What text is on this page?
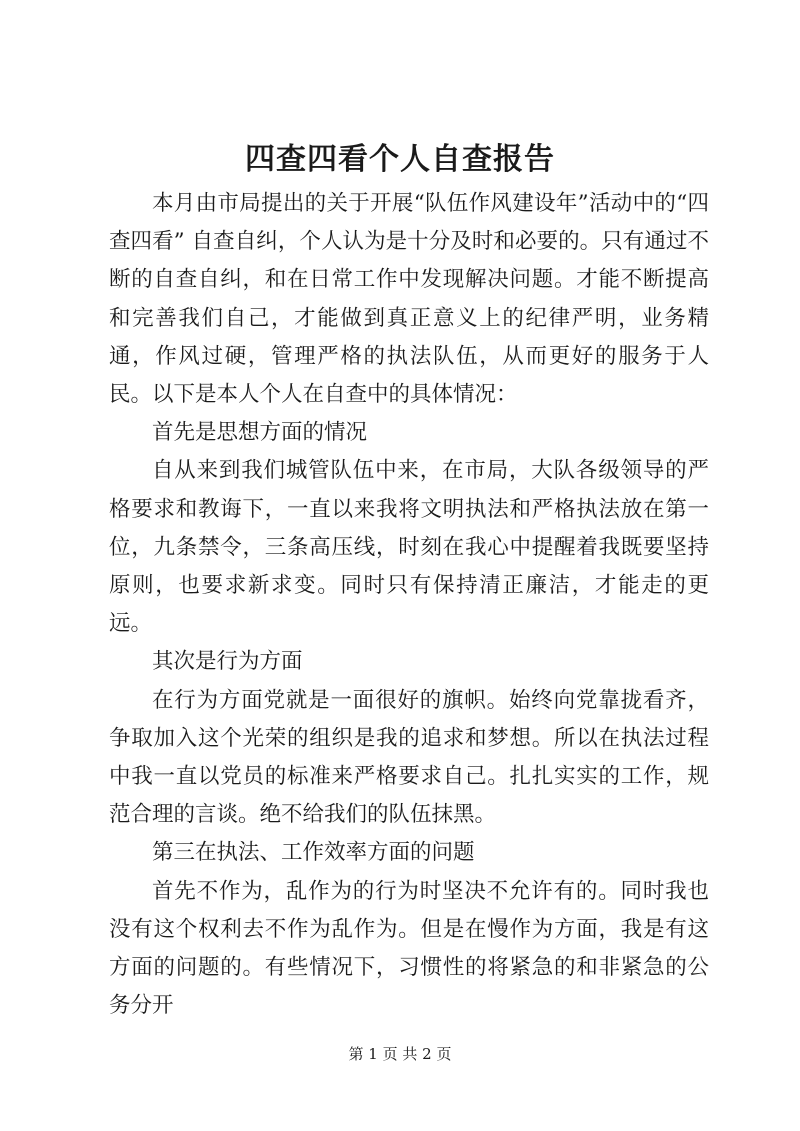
四查四看个人自查报告

本月由市局提出的关于开展“队伍作风建设年”活动中的“四查四看” 自查自纠，个人认为是十分及时和必要的。只有通过不断的自查自纠，和在日常工作中发现解决问题。才能不断提高和完善我们自己，才能做到真正意义上的纪律严明，业务精通，作风过硬，管理严格的执法队伍，从而更好的服务于人民。以下是本人个人在自查中的具体情况：

首先是思想方面的情况

自从来到我们城管队伍中来，在市局，大队各级领导的严格要求和教诲下，一直以来我将文明执法和严格执法放在第一位，九条禁令，三条高压线，时刻在我心中提醒着我既要坚持原则，也要求新求变。同时只有保持清正廉洁，才能走的更远。

其次是行为方面

在行为方面党就是一面很好的旗帜。始终向党靠拢看齐，争取加入这个光荣的组织是我的追求和梦想。所以在执法过程中我一直以党员的标准来严格要求自己。扎扎实实的工作，规范合理的言谈。绝不给我们的队伍抹黑。

第三在执法、工作效率方面的问题

首先不作为，乱作为的行为时坚决不允许有的。同时我也没有这个权利去不作为乱作为。但是在慢作为方面，我是有这方面的问题的。有些情况下，习惯性的将紧急的和非紧急的公务分开

第 1 页 共 2 页
